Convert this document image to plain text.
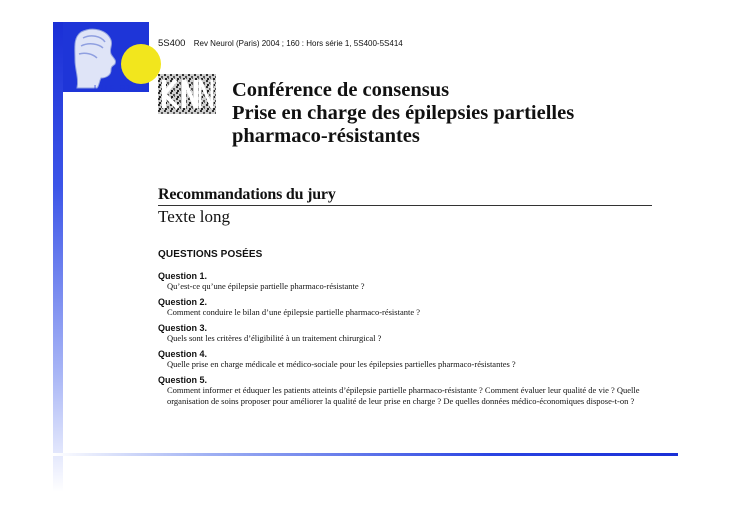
CHRU
LILLE, FRANC
5S400 Rev Neurol (Paris) 2004 ; 160 : Hors série 1, 5S400-5S414
Conférence de consensus
Prise en charge des épilepsies partielles
pharmaco-résistantes
Recommandations du jury
Texte long
QUESTIONS POSÉES
Question 1.
Qu’est-ce qu’une épilepsie partielle pharmaco-résistante ?
Question 2.
Comment conduire le bilan d’une épilepsie partielle pharmaco-résistante ?
Question 3.
Quels sont les critères d’éligibilité à un traitement chirurgical ?
Question 4.
Quelle prise en charge médicale et médico-sociale pour les épilepsies partielles pharmaco-résistantes ?
Question 5.
Comment informer et éduquer les patients atteints d’épilepsie partielle pharmaco-résistante ? Comment évaluer leur qualité de vie ? Quelle organisation de soins proposer pour améliorer la qualité de leur prise en charge ? De quelles données médico-économiques dispose-t-on ?
